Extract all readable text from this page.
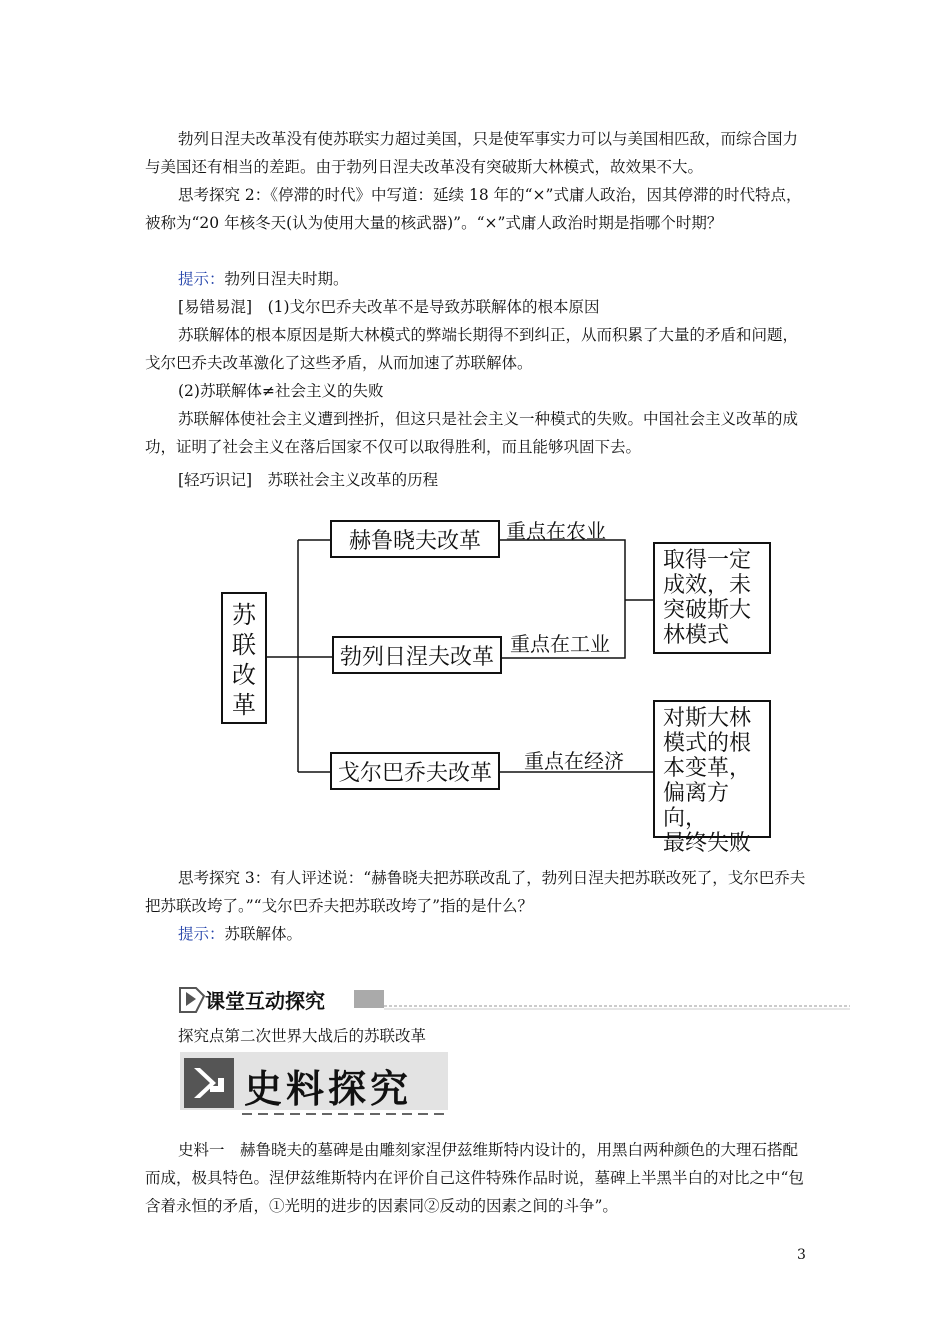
勃列日涅夫改革没有使苏联实力超过美国，只是使军事实力可以与美国相匹敌，而综合国力与美国还有相当的差距。由于勃列日涅夫改革没有突破斯大林模式，故效果不大。

思考探究 2：《停滞的时代》中写道：延续 18 年的“×”式庸人政治，因其停滞的时代特点，被称为“20 年核冬天(认为使用大量的核武器)”。“×”式庸人政治时期是指哪个时期？

提示：勃列日涅夫时期。
[易错易混]　(1)戈尔巴乔夫改革不是导致苏联解体的根本原因

苏联解体的根本原因是斯大林模式的弊端长期得不到纠正，从而积累了大量的矛盾和问题，戈尔巴乔夫改革激化了这些矛盾，从而加速了苏联解体。

(2)苏联解体≠社会主义的失败

苏联解体使社会主义遭到挫折，但这只是社会主义一种模式的失败。中国社会主义改革的成功，证明了社会主义在落后国家不仅可以取得胜利，而且能够巩固下去。

[轻巧识记]　苏联社会主义改革的历程
苏联改革
赫鲁晓夫改革 重点在农业
勃列日涅夫改革
重点在工业
戈尔巴乔夫改革 重点在经济
取得一定
成效，未
突破斯大
林模式
对斯大林
模式的根
本变革，
偏离方向，
最终失败

思考探究 3：有人评述说：“赫鲁晓夫把苏联改乱了，勃列日涅夫把苏联改死了，戈尔巴乔夫把苏联改垮了。”“戈尔巴乔夫把苏联改垮了”指的是什么？

提示：苏联解体。
课堂互动探究
探究点第二次世界大战后的苏联改革
史料探究

史料一　赫鲁晓夫的墓碑是由雕刻家涅伊兹维斯特内设计的，用黑白两种颜色的大理石搭配而成，极具特色。涅伊兹维斯特内在评价自己这件特殊作品时说，墓碑上半黑半白的对比之中“包含着永恒的矛盾，①光明的进步的因素同②反动的因素之间的斗争”。

3
